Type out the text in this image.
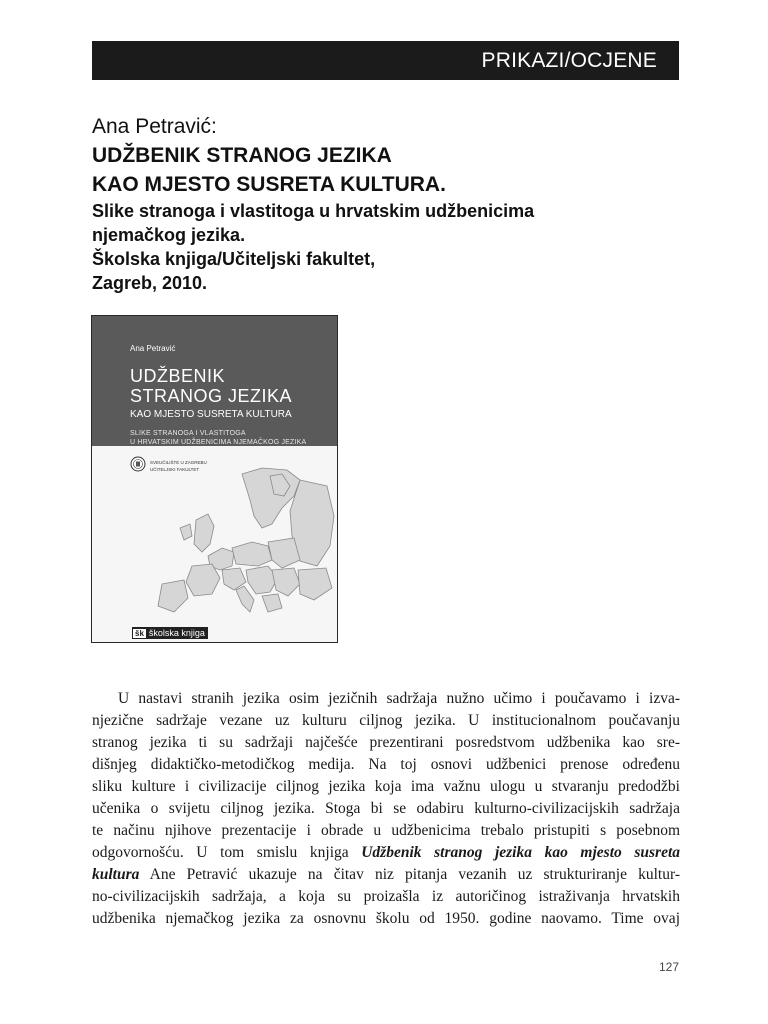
PRIKAZI/OCJENE
Ana Petravić:
UDŽBENIK STRANOG JEZIKA
KAO MJESTO SUSRETA KULTURA.
Slike stranoga i vlastitoga u hrvatskim udžbenicima
njemačkog jezika.
Školska knjiga/Učiteljski fakultet,
Zagreb, 2010.
Ana Petravić
UDŽBENIK
STRANOG JEZIKA
KAO MJESTO SUSRETA KULTURA
SLIKE STRANOGA I VLASTITOGA
U HRVATSKIM UDŽBENICIMA NJEMAČKOG JEZIKA
SVEUČILIŠTE U ZAGREBU
UČITELJSKI FAKULTET
šk školska knjiga
U nastavi stranih jezika osim jezičnih sadržaja nužno učimo i poučavamo i izva-
njezične sadržaje vezane uz kulturu ciljnog jezika. U institucionalnom poučavanju
stranog jezika ti su sadržaji najčešće prezentirani posredstvom udžbenika kao sre-
dišnjeg didaktičko-metodičkog medija. Na toj osnovi udžbenici prenose određenu
sliku kulture i civilizacije ciljnog jezika koja ima važnu ulogu u stvaranju predodžbi
učenika o svijetu ciljnog jezika. Stoga bi se odabiru kulturno-civilizacijskih sadržaja
te načinu njihove prezentacije i obrade u udžbenicima trebalo pristupiti s posebnom
odgovornošću. U tom smislu knjiga Udžbenik stranog jezika kao mjesto susreta
kultura Ane Petravić ukazuje na čitav niz pitanja vezanih uz strukturiranje kultur-
no-civilizacijskih sadržaja, a koja su proizašla iz autoričinog istraživanja hrvatskih
udžbenika njemačkog jezika za osnovnu školu od 1950. godine naovamo. Time ovaj
127
